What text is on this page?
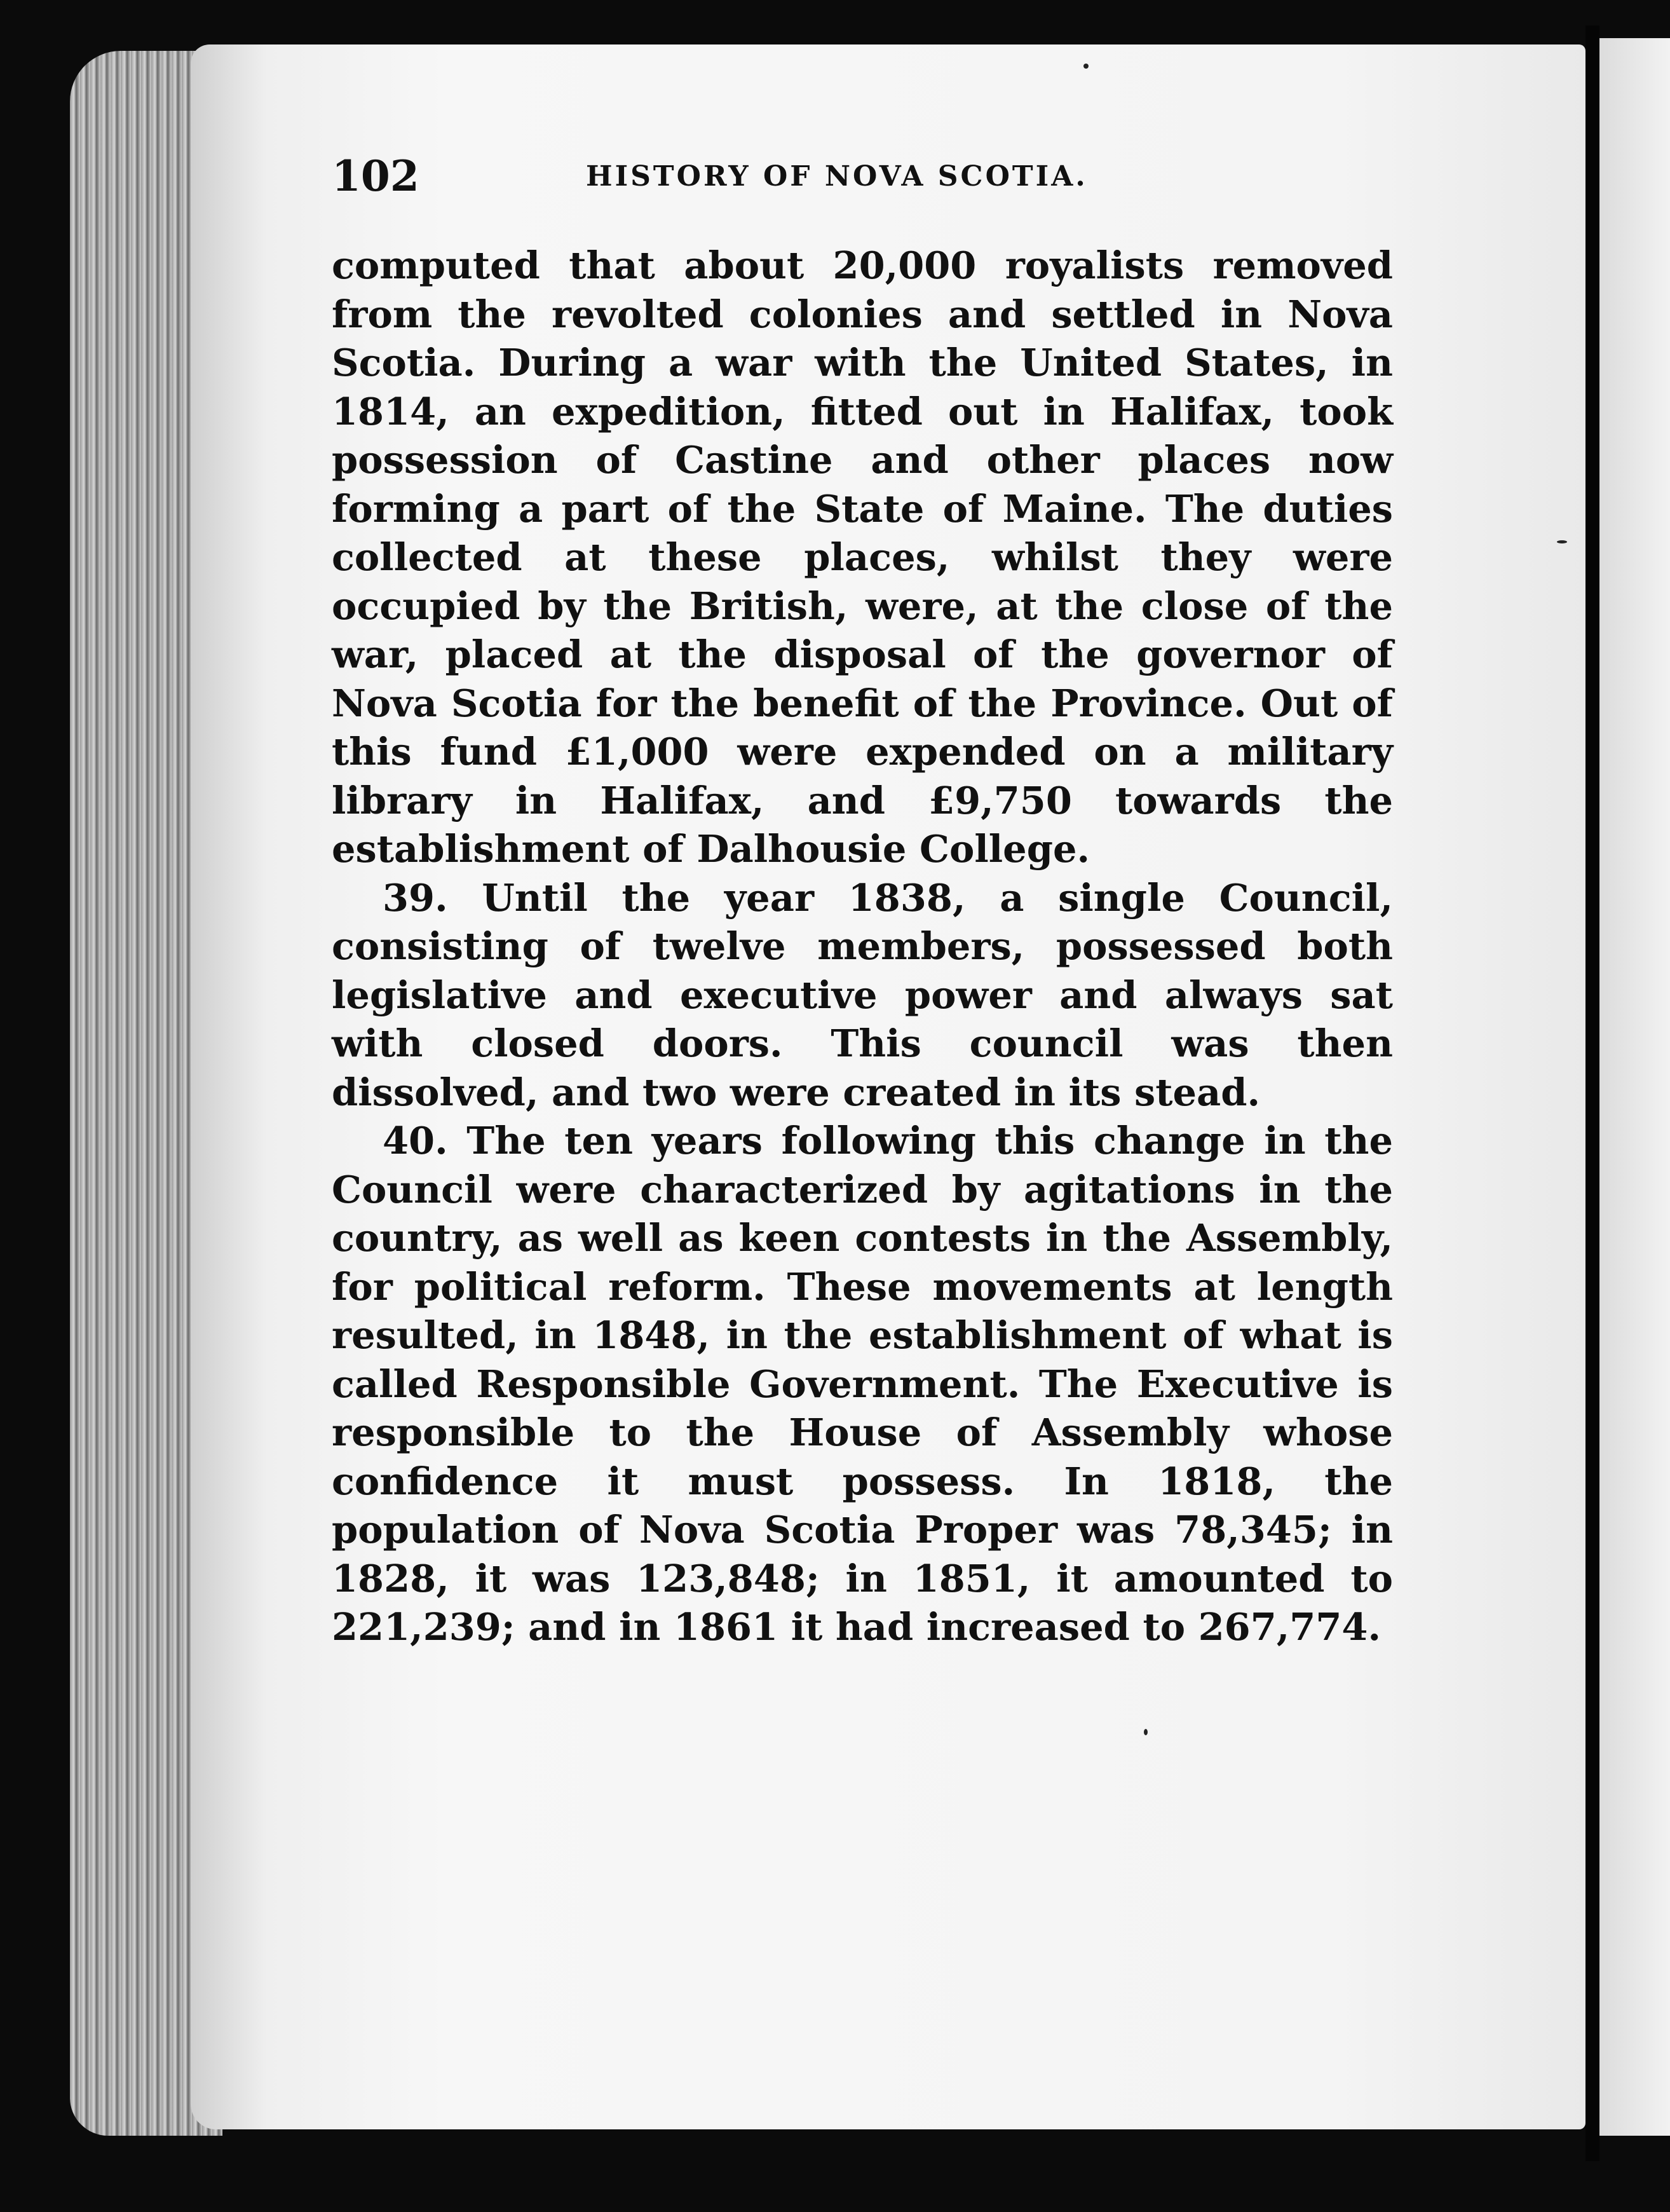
102	HISTORY OF NOVA SCOTIA.

computed that about 20,000 royalists removed from the revolted colonies and settled in Nova Scotia. During a war with the United States, in 1814, an expedition, fitted out in Halifax, took possession of Castine and other places now forming a part of the State of Maine. The duties collected at these places, whilst they were occupied by the British, were, at the close of the war, placed at the disposal of the governor of Nova Scotia for the benefit of the Province. Out of this fund £1,000 were expended on a military library in Halifax, and £9,750 towards the establishment of Dalhousie College.

39. Until the year 1838, a single Council, consisting of twelve members, possessed both legislative and executive power and always sat with closed doors. This council was then dissolved, and two were created in its stead.

40. The ten years following this change in the Council were characterized by agitations in the country, as well as keen contests in the Assembly, for political reform. These movements at length resulted, in 1848, in the establishment of what is called Responsible Government. The Executive is responsible to the House of Assembly whose confidence it must possess. In 1818, the population of Nova Scotia Proper was 78,345; in 1828, it was 123,848; in 1851, it amounted to 221,239; and in 1861 it had increased to 267,774.
